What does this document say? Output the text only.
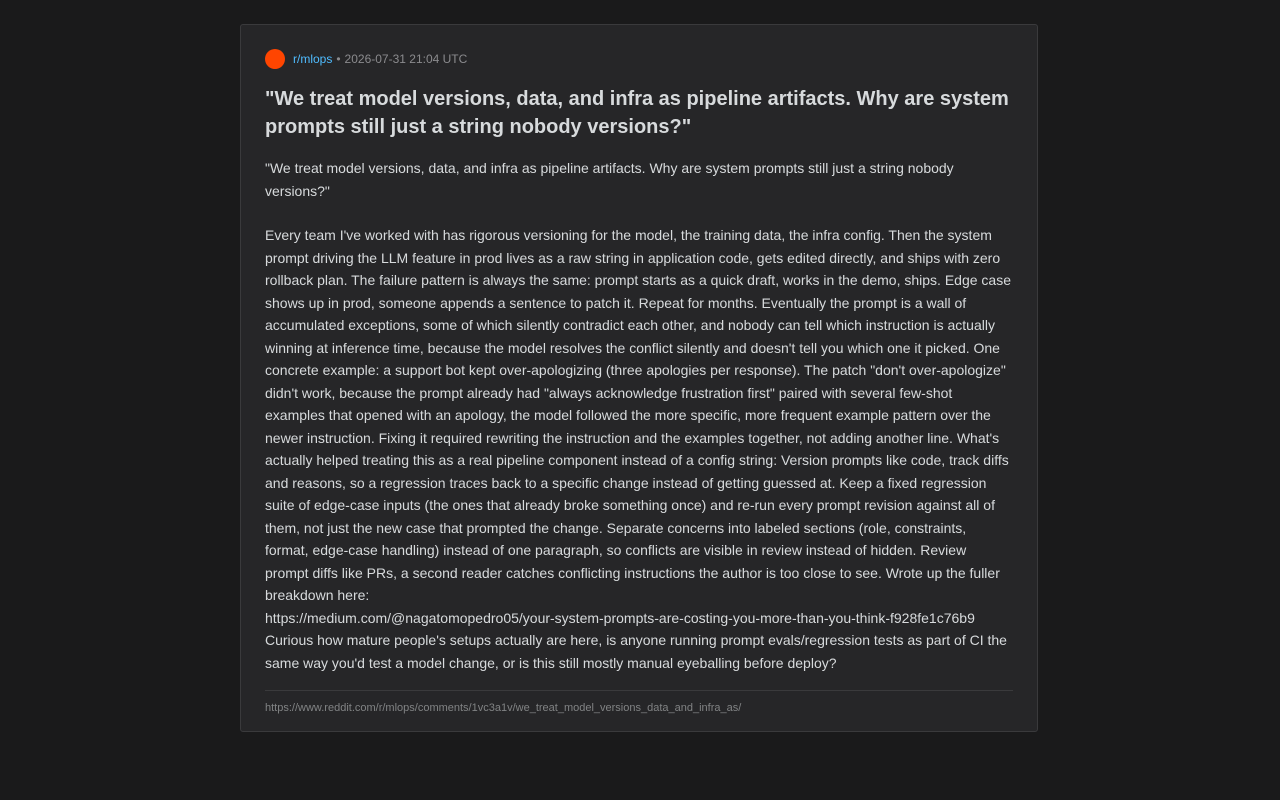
r/mlops • 2026-07-31 21:04 UTC
"We treat model versions, data, and infra as pipeline artifacts. Why are system prompts still just a string nobody versions?"

"We treat model versions, data, and infra as pipeline artifacts. Why are system prompts still just a string nobody versions?"

Every team I've worked with has rigorous versioning for the model, the training data, the infra config. Then the system prompt driving the LLM feature in prod lives as a raw string in application code, gets edited directly, and ships with zero rollback plan. The failure pattern is always the same: prompt starts as a quick draft, works in the demo, ships. Edge case shows up in prod, someone appends a sentence to patch it. Repeat for months. Eventually the prompt is a wall of accumulated exceptions, some of which silently contradict each other, and nobody can tell which instruction is actually winning at inference time, because the model resolves the conflict silently and doesn't tell you which one it picked. One concrete example: a support bot kept over-apologizing (three apologies per response). The patch "don't over-apologize" didn't work, because the prompt already had "always acknowledge frustration first" paired with several few-shot examples that opened with an apology, the model followed the more specific, more frequent example pattern over the newer instruction. Fixing it required rewriting the instruction and the examples together, not adding another line. What's actually helped treating this as a real pipeline component instead of a config string: Version prompts like code, track diffs and reasons, so a regression traces back to a specific change instead of getting guessed at. Keep a fixed regression suite of edge-case inputs (the ones that already broke something once) and re-run every prompt revision against all of them, not just the new case that prompted the change. Separate concerns into labeled sections (role, constraints, format, edge-case handling) instead of one paragraph, so conflicts are visible in review instead of hidden. Review prompt diffs like PRs, a second reader catches conflicting instructions the author is too close to see. Wrote up the fuller breakdown here:

https://medium.com/@nagatomopedro05/your-system-prompts-are-costing-you-more-than-you-think-f928fe1c76b9

Curious how mature people's setups actually are here, is anyone running prompt evals/regression tests as part of CI the same way you'd test a model change, or is this still mostly manual eyeballing before deploy?

https://www.reddit.com/r/mlops/comments/1vc3a1v/we_treat_model_versions_data_and_infra_as/
